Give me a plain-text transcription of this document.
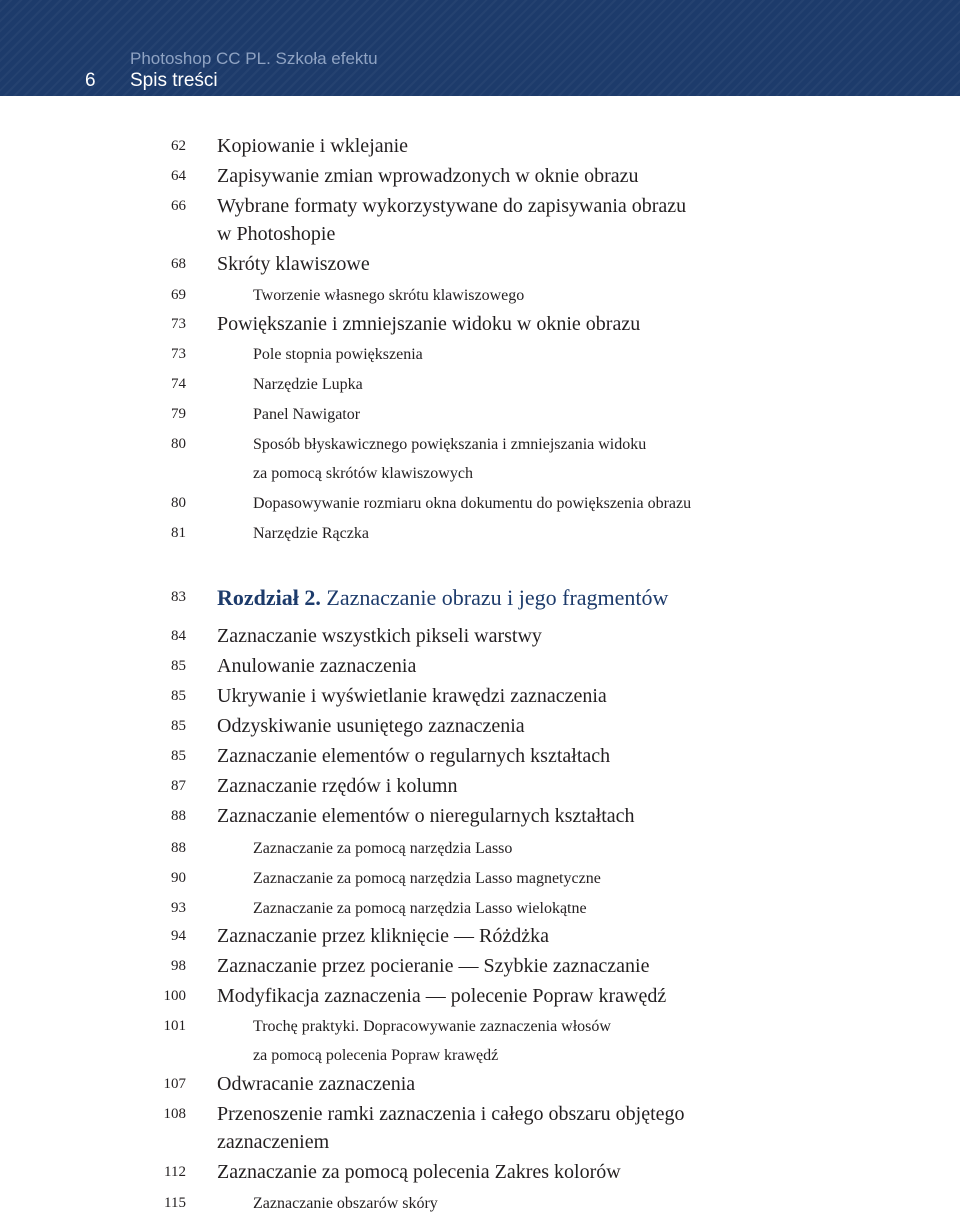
6
Photoshop CC PL. Szkoła efektu
Spis treści
62 Kopiowanie i wklejanie
64 Zapisywanie zmian wprowadzonych w oknie obrazu
66 Wybrane formaty wykorzystywane do zapisywania obrazu
w Photoshopie
68 Skróty klawiszowe
69	Tworzenie własnego skrótu klawiszowego
73 Powiększanie i zmniejszanie widoku w oknie obrazu
73	Pole stopnia powiększenia
74	Narzędzie Lupka
79	Panel Nawigator
80	Sposób błyskawicznego powiększania i zmniejszania widoku
za pomocą skrótów klawiszowych
80	Dopasowywanie rozmiaru okna dokumentu do powiększenia obrazu
81	Narzędzie Rączka
83 Rozdział 2. Zaznaczanie obrazu i jego fragmentów
84 Zaznaczanie wszystkich pikseli warstwy
85 Anulowanie zaznaczenia
85 Ukrywanie i wyświetlanie krawędzi zaznaczenia
85 Odzyskiwanie usuniętego zaznaczenia
85 Zaznaczanie elementów o regularnych kształtach
87 Zaznaczanie rzędów i kolumn
88 Zaznaczanie elementów o nieregularnych kształtach
88	Zaznaczanie za pomocą narzędzia Lasso
90	Zaznaczanie za pomocą narzędzia Lasso magnetyczne
93	Zaznaczanie za pomocą narzędzia Lasso wielokątne
94 Zaznaczanie przez kliknięcie — Różdżka
98 Zaznaczanie przez pocieranie — Szybkie zaznaczanie
100 Modyfikacja zaznaczenia — polecenie Popraw krawędź
101	Trochę praktyki. Dopracowywanie zaznaczenia włosów
za pomocą polecenia Popraw krawędź
107 Odwracanie zaznaczenia
108 Przenoszenie ramki zaznaczenia i całego obszaru objętego
zaznaczeniem
112 Zaznaczanie za pomocą polecenia Zakres kolorów
115	Zaznaczanie obszarów skóry
